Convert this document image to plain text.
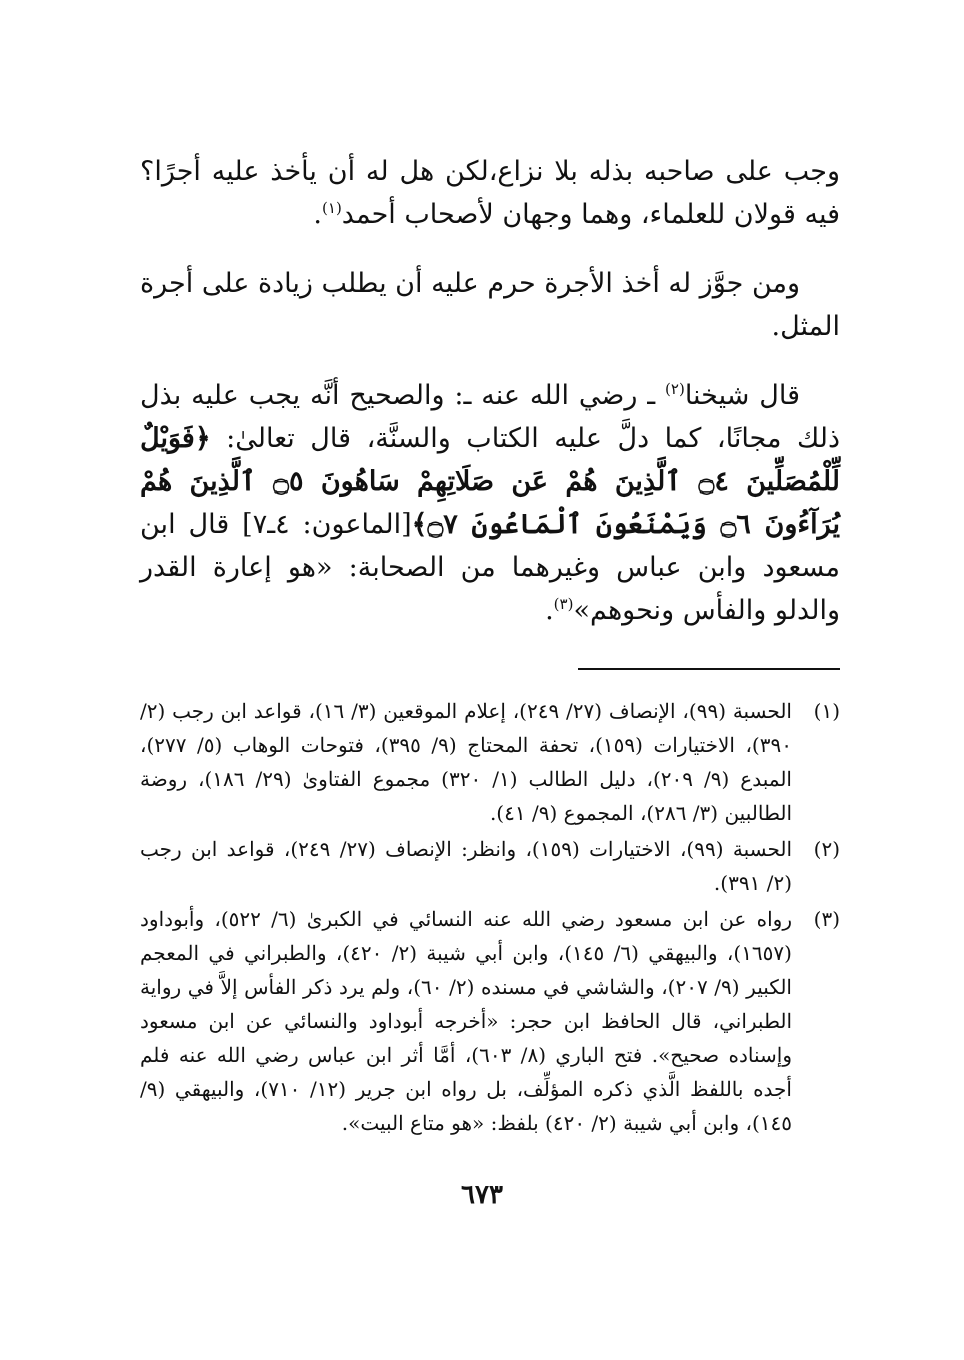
وجب على صاحبه بذله بلا نزاع،لكن هل له أن يأخذ عليه أجرًا؟ فيه قولان للعلماء، وهما وجهان لأصحاب أحمد$^{(١)}$.

ومن جوَّز له أخذ الأجرة حرم عليه أن يطلب زيادة على أجرة المثل.

قال شيخنا$^{(٢)}$ ـ رضي الله عنه ـ: والصحيح أنَّه يجب عليه بذل ذلك مجانًا، كما دلَّ عليه الكتاب والسنَّة، قال تعالىٰ: ﴿فَوَيْلٌ لِّلْمُصَلِّينَ ۝٤ ٱلَّذِينَ هُمْ عَن صَلَاتِهِمْ سَاهُونَ ۝٥ ٱلَّذِينَ هُمْ يُرَآءُونَ ۝٦ وَيَمْنَعُونَ ٱلْمَاعُونَ ۝٧﴾[الماعون: ٤ـ٧] قال ابن مسعود وابن عباس وغيرهما من الصحابة: «هو إعارة القدر والدلو والفأس ونحوهم»$^{(٣)}$.

(١)
الحسبة (٩٩)، الإنصاف (٢٧/ ٢٤٩)، إعلام الموقعين (٣/ ١٦)، قواعد ابن رجب (٢/ ٣٩٠)، الاختيارات (١٥٩)، تحفة المحتاج (٩/ ٣٩٥)، فتوحات الوهاب (٥/ ٢٧٧)، المبدع (٩/ ٢٠٩)، دليل الطالب (١/ ٣٢٠) مجموع الفتاوىٰ (٢٩/ ١٨٦)، روضة الطالبين (٣/ ٢٨٦)، المجموع (٩/ ٤١).
(٢)
الحسبة (٩٩)، الاختيارات (١٥٩)، وانظر: الإنصاف (٢٧/ ٢٤٩)، قواعد ابن رجب (٢/ ٣٩١).
(٣)
رواه عن ابن مسعود رضي الله عنه النسائي في الكبرىٰ (٦/ ٥٢٢)، وأبوداود (١٦٥٧)، والبيهقي (٦/ ١٤٥)، وابن أبي شيبة (٢/ ٤٢٠)، والطبراني في المعجم الكبير (٩/ ٢٠٧)، والشاشي في مسنده (٢/ ٦٠)، ولم يرد ذكر الفأس إلاَّ في رواية الطبراني، قال الحافظ ابن حجر: «أخرجه أبوداود والنسائي عن ابن مسعود وإسناده صحيح». فتح الباري (٨/ ٦٠٣)، أمَّا أثر ابن عباس رضي الله عنه فلم أجده باللفظ الَّذي ذكره المؤلِّف، بل رواه ابن جرير (١٢/ ٧١٠)، والبيهقي (٩/ ١٤٥)، وابن أبي شيبة (٢/ ٤٢٠) بلفظ: «هو متاع البيت».
٦٧٣
